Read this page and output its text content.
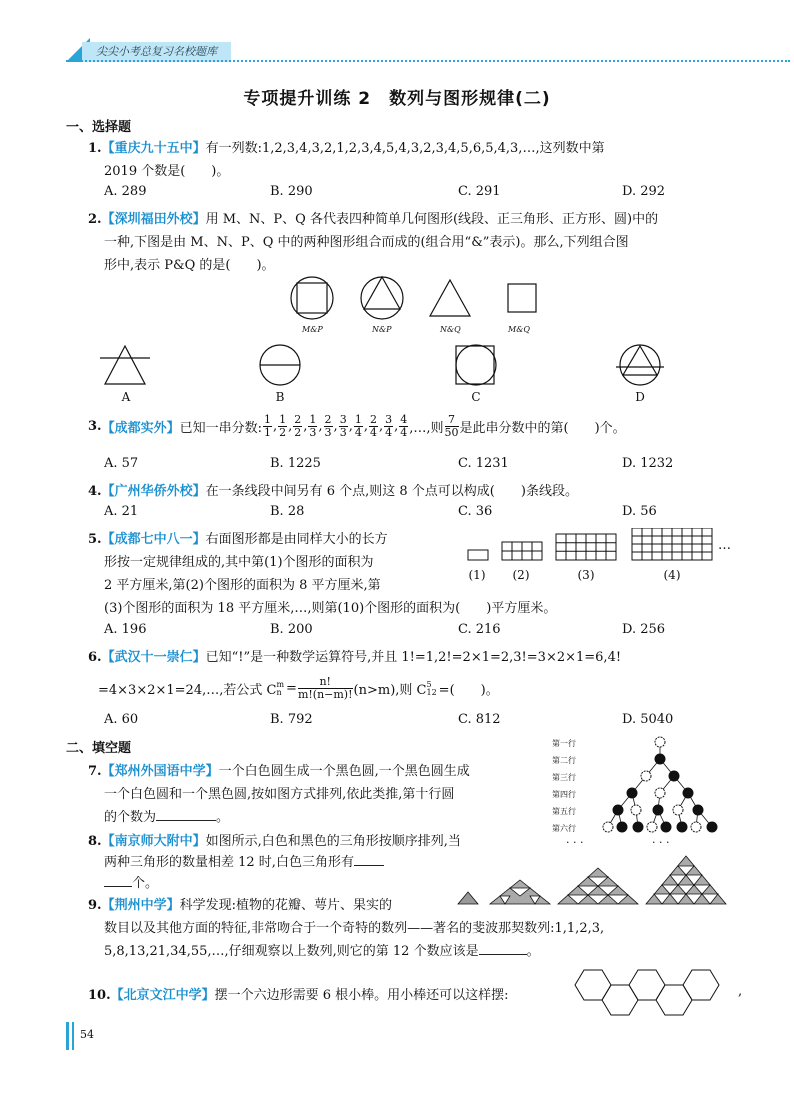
尖尖小考总复习名校题库
专项提升训练 2　数列与图形规律(二)
一、选择题
1.【重庆九十五中】有一列数:1,2,3,4,3,2,1,2,3,4,5,4,3,2,3,4,5,6,5,4,3,…,这列数中第
2019 个数是(　　)。
A. 289	B. 290	C. 291	D. 292
2.【深圳福田外校】用 M、N、P、Q 各代表四种简单几何图形(线段、正三角形、正方形、圆)中的
一种,下图是由 M、N、P、Q 中的两种图形组合而成的(组合用“&”表示)。那么,下列组合图
形中,表示 P&Q 的是(　　)。
M&P	N&P	N&Q	M&Q
A	B	C	D
3. 【成都实外】 已知一串分数: $\frac{1}{1}$ , $\frac{1}{2}$ , $\frac{2}{2}$ , $\frac{1}{3}$ , $\frac{2}{3}$ , $\frac{3}{3}$ , $\frac{1}{4}$ , $\frac{2}{4}$ , $\frac{3}{4}$ , $\frac{4}{4}$ ,…,则 $\frac{7}{50}$ 是此串分数中的第(　　)个。
A. 57	B. 1225	C. 1231	D. 1232
4.【广州华侨外校】在一条线段中间另有 6 个点,则这 8 个点可以构成(　　)条线段。
A. 21	B. 28	C. 36	D. 56
5.【成都七中八一】右面图形都是由同样大小的长方
形按一定规律组成的,其中第(1)个图形的面积为
2 平方厘米,第(2)个图形的面积为 8 平方厘米,第
(3)个图形的面积为 18 平方厘米,…,则第(10)个图形的面积为(　　)平方厘米。
…
(1)	(2)	(3)	(4)
A. 196	B. 200	C. 216	D. 256
6.【武汉十一崇仁】已知“!”是一种数学运算符号,并且 1!=1,2!=2×1=2,3!=3×2×1=6,4!
=4×3×2×1=24,…,若公式 C m
$n = \frac{n!}{m!(n-m)!} (n>m)$,则 C 5
12 =(　　)。
A. 60	B. 792	C. 812	D. 5040
二、填空题
7.【郑州外国语中学】一个白色圆生成一个黑色圆,一个黑色圆生成
一个白色圆和一个黑色圆,按如图方式排列,依此类推,第十行圆
的个数为	。
第一行
第二行
第三行
第四行
第五行
第六行
· · ·	· · ·
8.【南京师大附中】如图所示,白色和黑色的三角形按顺序排列,当
两种三角形的数量相差 12 时,白色三角形有
个。
9.【荆州中学】科学发现:植物的花瓣、萼片、果实的
数目以及其他方面的特征,非常吻合于一个奇特的数列——著名的斐波那契数列:1,1,2,3,
5,8,13,21,34,55,…,仔细观察以上数列,则它的第 12 个数应该是	。
10.【北京文江中学】摆一个六边形需要 6 根小棒。用小棒还可以这样摆:	,
54
